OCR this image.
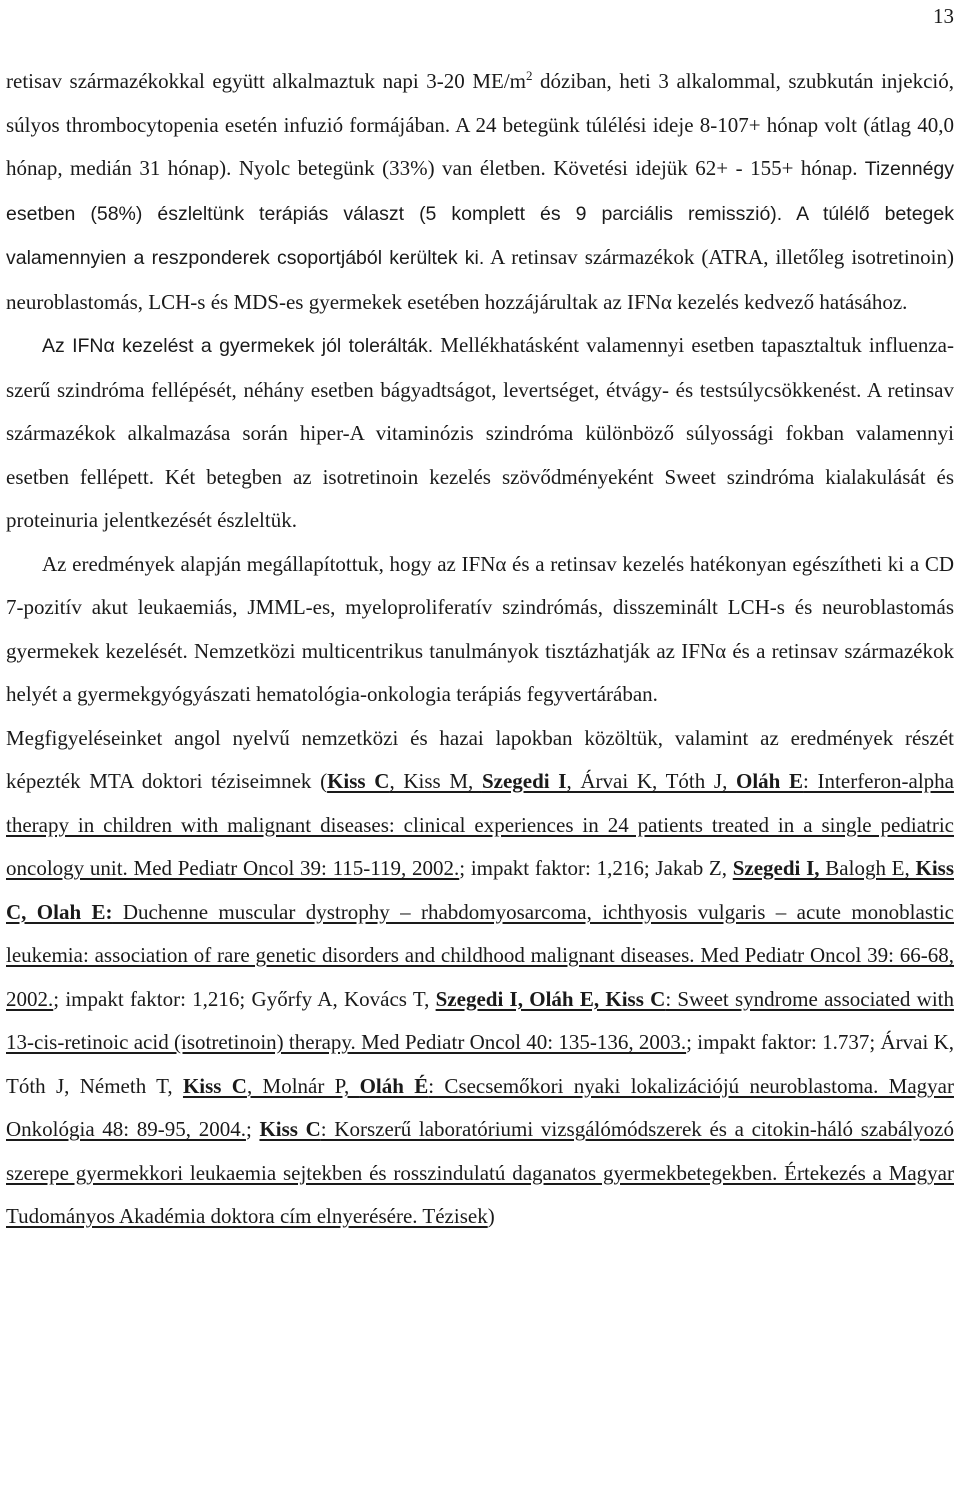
13

retisav származékokkal együtt alkalmaztuk napi 3-20 $ME/m^2$ dóziban, heti 3 alkalommal, szubkután injekció, súlyos thrombocytopenia esetén infuzió formájában. A 24 betegünk túlélési ideje 8-107+ hónap volt (átlag 40,0 hónap, medián 31 hónap). Nyolc betegünk (33%) van életben. Követési idejük 62+ - 155+ hónap. Tizennégy esetben (58%) észleltünk terápiás választ (5 komplett és 9 parciális remisszió). A túlélő betegek valamennyien a reszponderek csoportjából kerültek ki. A retinsav származékok (ATRA, illetőleg isotretinoin) neuroblastomás, LCH-s és MDS-es gyermekek esetében hozzájárultak az IFNα kezelés kedvező hatásához.

Az IFNα kezelést a gyermekek jól tolerálták. Mellékhatásként valamennyi esetben tapasztaltuk influenza-szerű szindróma fellépését, néhány esetben bágyadtságot, levertséget, étvágy- és testsúlycsökkenést. A retinsav származékok alkalmazása során hiper-A vitaminózis szindróma különböző súlyossági fokban valamennyi esetben fellépett. Két betegben az isotretinoin kezelés szövődményeként Sweet szindróma kialakulását és proteinuria jelentkezését észleltük.

Az eredmények alapján megállapítottuk, hogy az IFNα és a retinsav kezelés hatékonyan egészítheti ki a CD 7-pozitív akut leukaemiás, JMML-es, myeloproliferatív szindrómás, disszeminált LCH-s és neuroblastomás gyermekek kezelését. Nemzetközi multicentrikus tanulmányok tisztázhatják az IFNα és a retinsav származékok helyét a gyermekgyógyászati hematológia-onkologia terápiás fegyvertárában.

Megfigyeléseinket angol nyelvű nemzetközi és hazai lapokban közöltük, valamint az eredmények részét képezték MTA doktori téziseimnek (Kiss C, Kiss M, Szegedi I, Árvai K, Tóth J, Oláh E: Interferon-alpha therapy in children with malignant diseases: clinical experiences in 24 patients treated in a single pediatric oncology unit. Med Pediatr Oncol 39: 115-119, 2002.; impakt faktor: 1,216; Jakab Z, Szegedi I, Balogh E, Kiss C, Olah E: Duchenne muscular dystrophy – rhabdomyosarcoma, ichthyosis vulgaris – acute monoblastic leukemia: association of rare genetic disorders and childhood malignant diseases. Med Pediatr Oncol 39: 66-68, 2002.; impakt faktor: 1,216; Győrfy A, Kovács T, Szegedi I, Oláh E, Kiss C: Sweet syndrome associated with 13-cis-retinoic acid (isotretinoin) therapy. Med Pediatr Oncol 40: 135-136, 2003.; impakt faktor: 1.737; Árvai K, Tóth J, Németh T, Kiss C, Molnár P, Oláh É: Csecsemőkori nyaki lokalizációjú neuroblastoma. Magyar Onkológia 48: 89-95, 2004.; Kiss C: Korszerű laboratóriumi vizsgálómódszerek és a citokin-háló szabályozó szerepe gyermekkori leukaemia sejtekben és rosszindulatú daganatos gyermekbetegekben. Értekezés a Magyar Tudományos Akadémia doktora cím elnyerésére. Tézisek)
